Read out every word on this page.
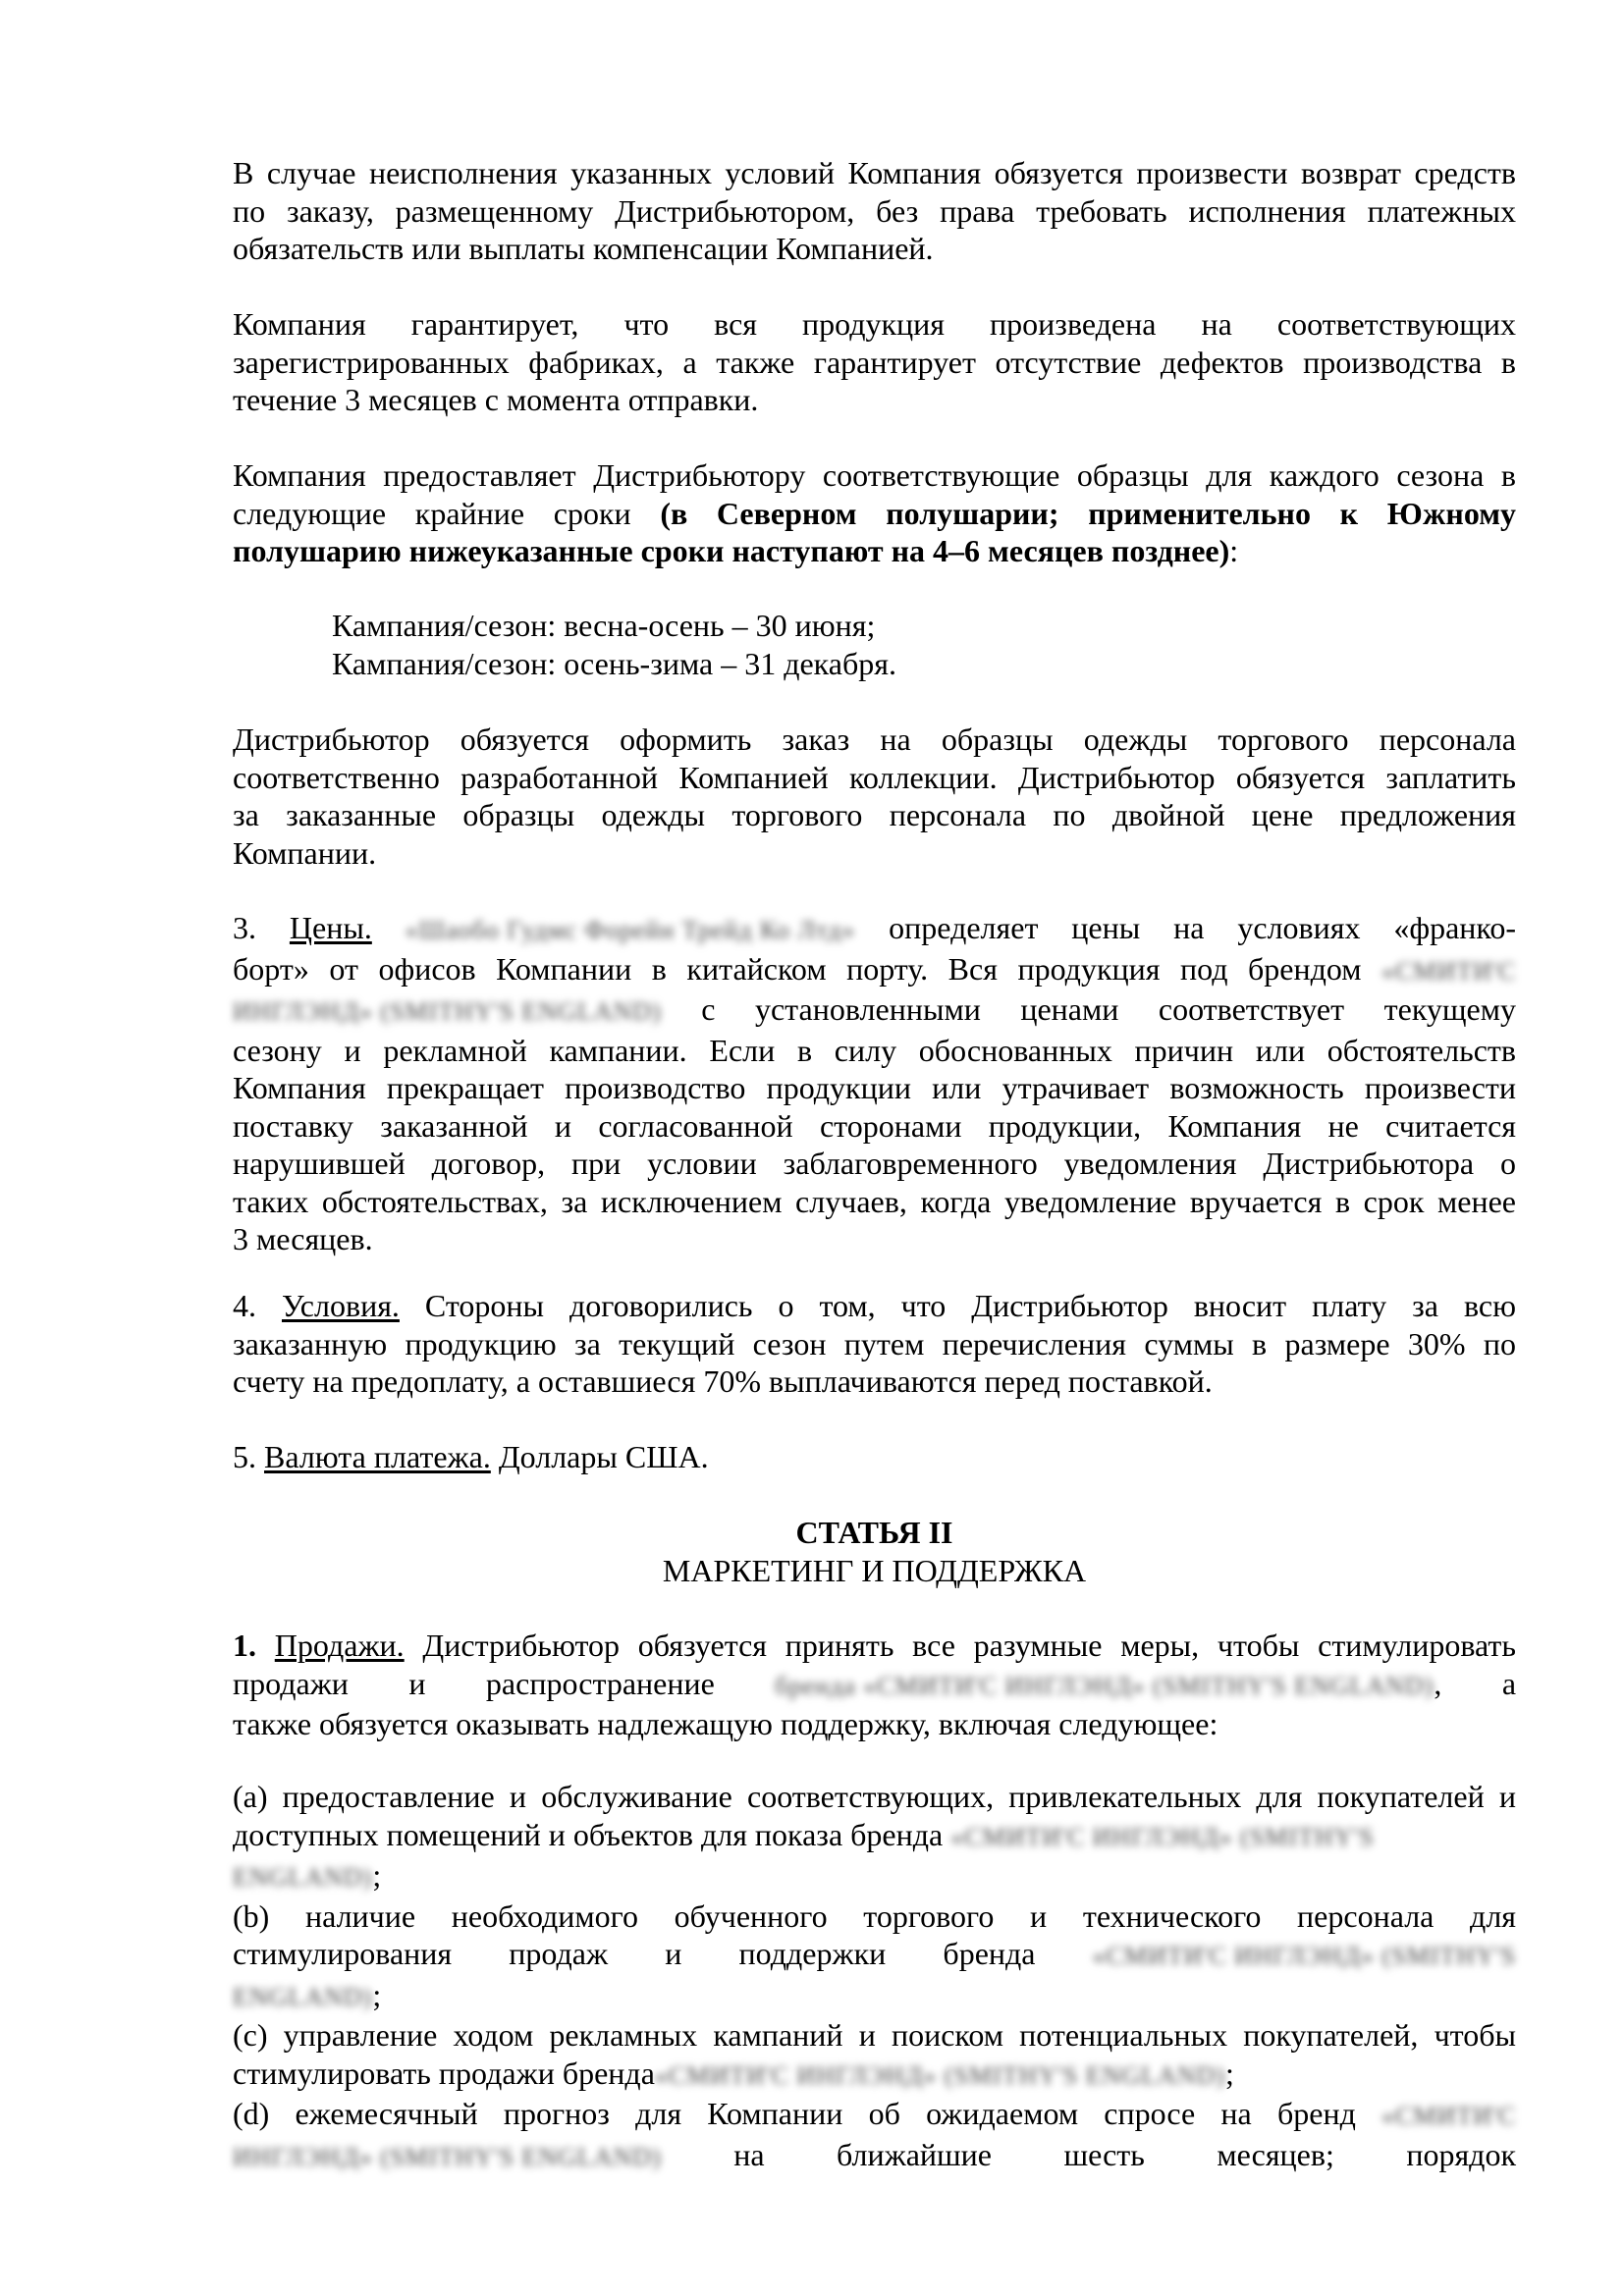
В случае неисполнения указанных условий Компания обязуется произвести возврат средств
по заказу, размещенному Дистрибьютором, без права требовать исполнения платежных
обязательств или выплаты компенсации Компанией.
Компания гарантирует, что вся продукция произведена на соответствующих
зарегистрированных фабриках, а также гарантирует отсутствие дефектов производства в
течение 3 месяцев с момента отправки.
Компания предоставляет Дистрибьютору соответствующие образцы для каждого сезона в
следующие крайние сроки (в Северном полушарии; применительно к Южному
полушарию нижеуказанные сроки наступают на 4–6 месяцев позднее):
Кампания/сезон: весна-осень – 30 июня;
Кампания/сезон: осень-зима – 31 декабря.
Дистрибьютор обязуется оформить заказ на образцы одежды торгового персонала
соответственно разработанной Компанией коллекции. Дистрибьютор обязуется заплатить
за заказанные образцы одежды торгового персонала по двойной цене предложения
Компании.
3. Цены. «Шаобо Гудмс Форейн Трейд Ко Лтд» определяет цены на условиях «франко-
борт» от офисов Компании в китайском порту. Вся продукция под брендом «СМИТИ'С
ИНГЛЭНД» (SMITHY'S ENGLAND) с установленными ценами соответствует текущему
сезону и рекламной кампании. Если в силу обоснованных причин или обстоятельств
Компания прекращает производство продукции или утрачивает возможность произвести
поставку заказанной и согласованной сторонами продукции, Компания не считается
нарушившей договор, при условии заблаговременного уведомления Дистрибьютора о
таких обстоятельствах, за исключением случаев, когда уведомление вручается в срок менее
3 месяцев.
4. Условия. Стороны договорились о том, что Дистрибьютор вносит плату за всю
заказанную продукцию за текущий сезон путем перечисления суммы в размере 30% по
счету на предоплату, а оставшиеся 70% выплачиваются перед поставкой.
5. Валюта платежа. Доллары США.
СТАТЬЯ II
МАРКЕТИНГ И ПОДДЕРЖКА
1. Продажи. Дистрибьютор обязуется принять все разумные меры, чтобы стимулировать
продажи и распространение бренда «СМИТИ'С ИНГЛЭНД» (SMITHY'S ENGLAND), а
также обязуется оказывать надлежащую поддержку, включая следующее:
(a) предоставление и обслуживание соответствующих, привлекательных для покупателей и
доступных помещений и объектов для показа бренда «СМИТИ'С ИНГЛЭНД» (SMITHY'S
ENGLAND);
(b) наличие необходимого обученного торгового и технического персонала для
стимулирования продаж и поддержки бренда «СМИТИ'С ИНГЛЭНД» (SMITHY'S
ENGLAND);
(c) управление ходом рекламных кампаний и поиском потенциальных покупателей, чтобы
стимулировать продажи бренда«СМИТИ'С ИНГЛЭНД» (SMITHY'S ENGLAND);
(d) ежемесячный прогноз для Компании об ожидаемом спросе на бренд «СМИТИ'С
ИНГЛЭНД» (SMITHY'S ENGLAND) на ближайшие шесть месяцев; порядок
